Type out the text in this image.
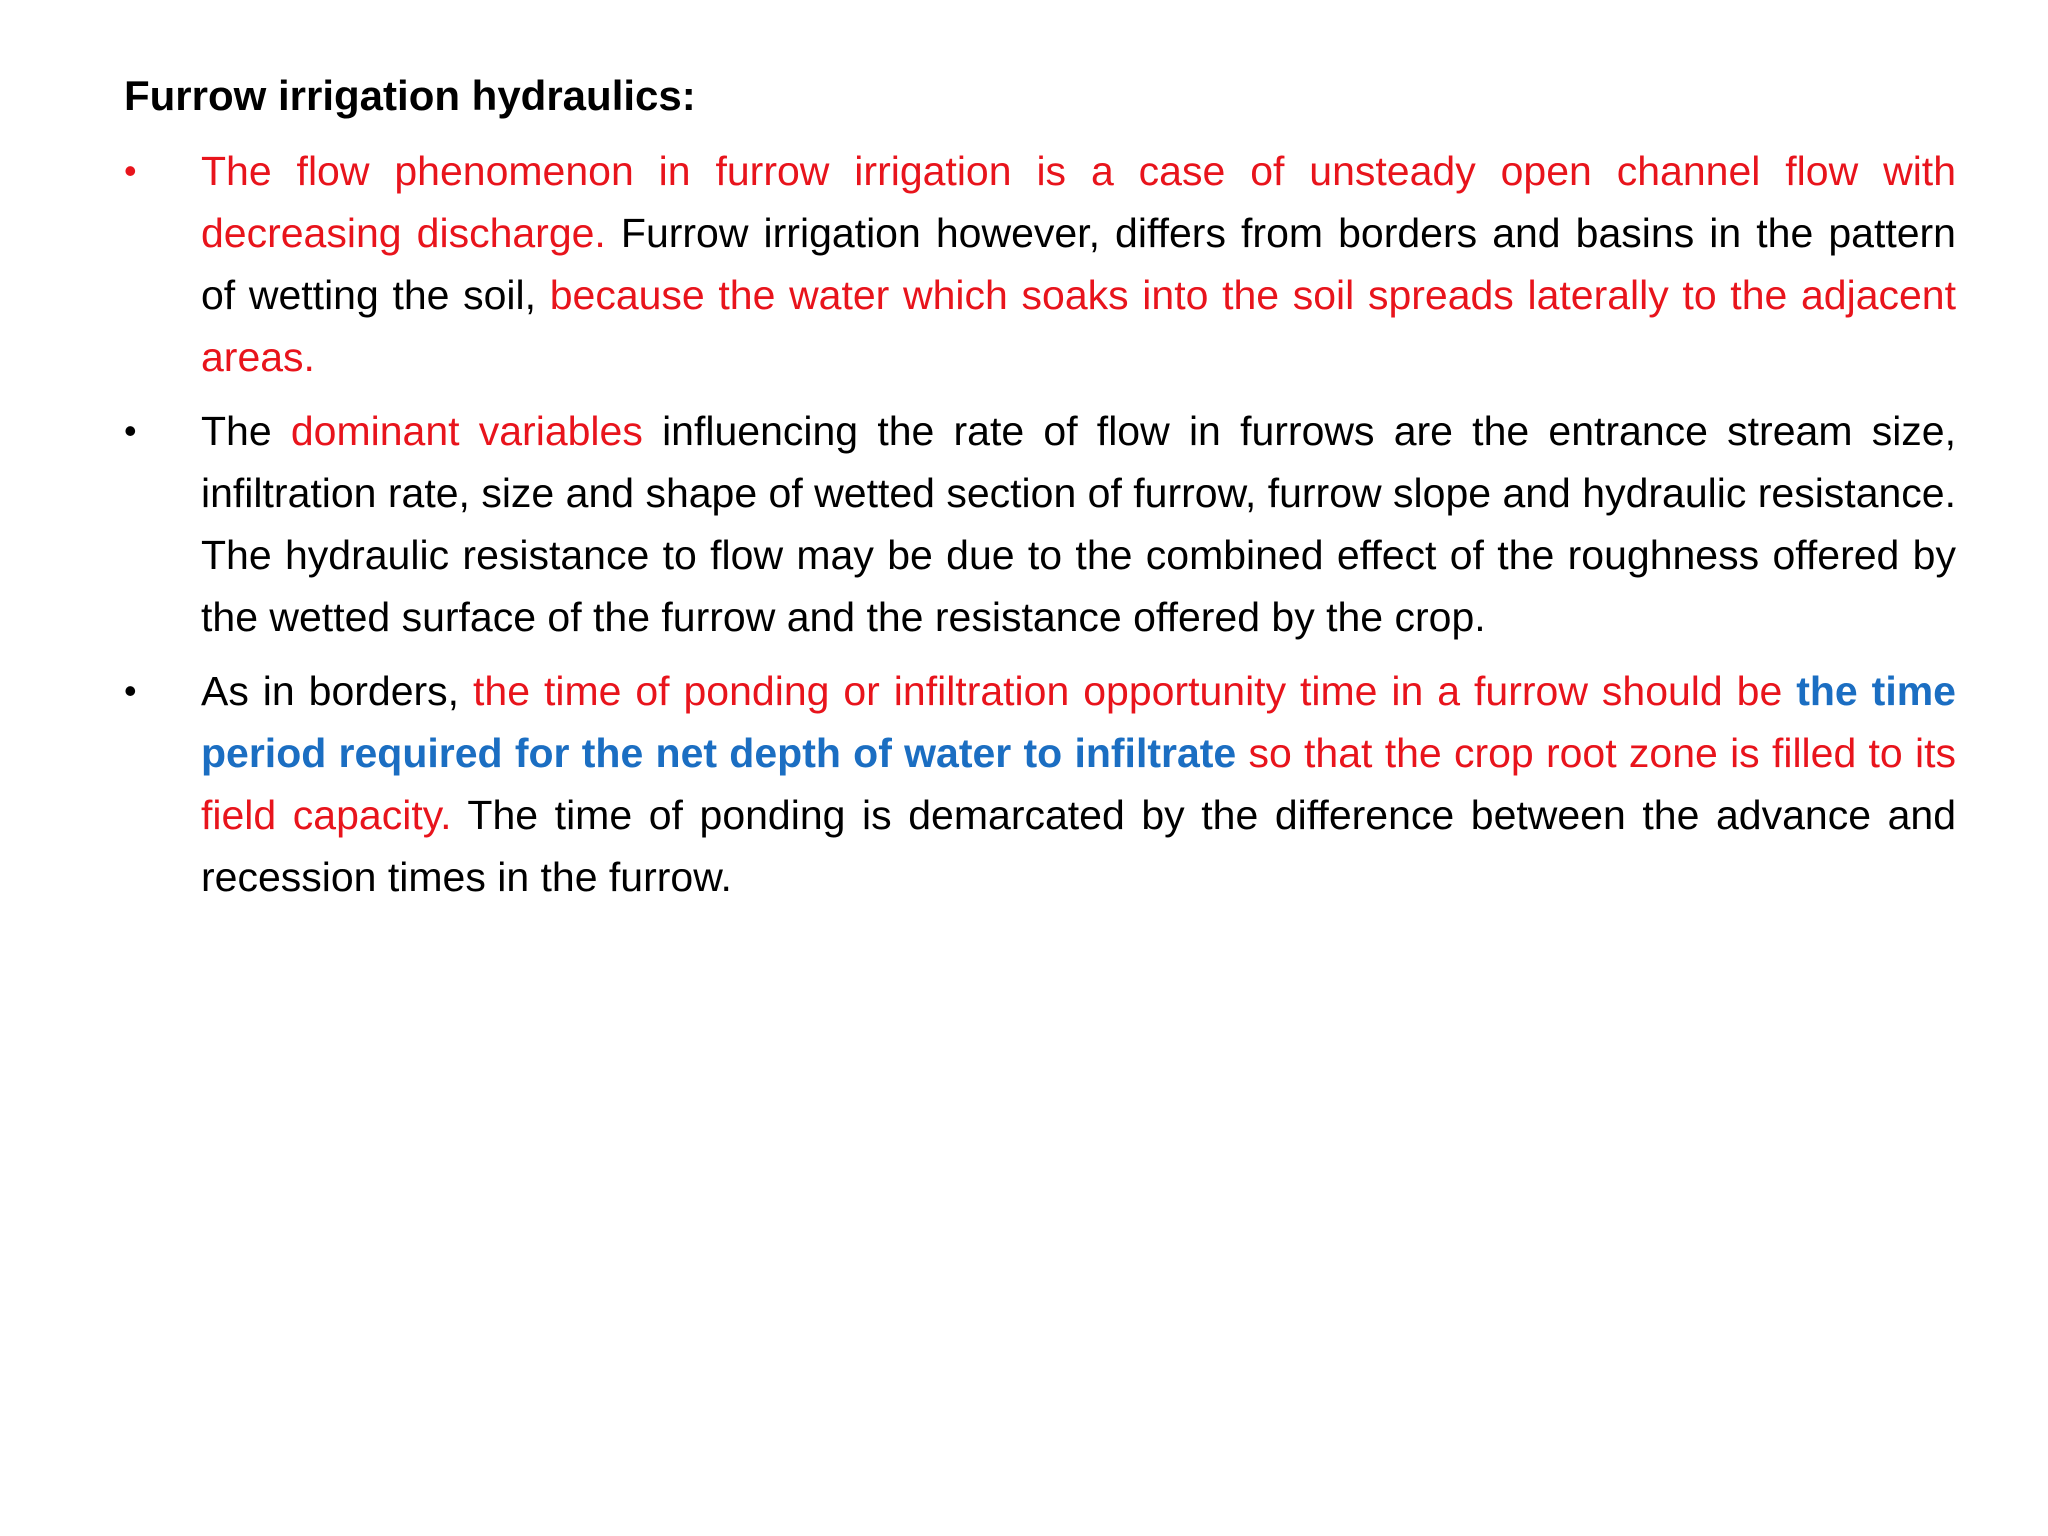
Furrow irrigation hydraulics:
• The flow phenomenon in furrow irrigation is a case of unsteady open channel flow with decreasing discharge. Furrow irrigation however, differs from borders and basins in the pattern of wetting the soil, because the water which soaks into the soil spreads laterally to the adjacent areas.
• The dominant variables influencing the rate of flow in furrows are the entrance stream size, infiltration rate, size and shape of wetted section of furrow, furrow slope and hydraulic resistance. The hydraulic resistance to flow may be due to the combined effect of the roughness offered by the wetted surface of the furrow and the resistance offered by the crop.
• As in borders, the time of ponding or infiltration opportunity time in a furrow should be the time period required for the net depth of water to infiltrate so that the crop root zone is filled to its field capacity. The time of ponding is demarcated by the difference between the advance and recession times in the furrow.
